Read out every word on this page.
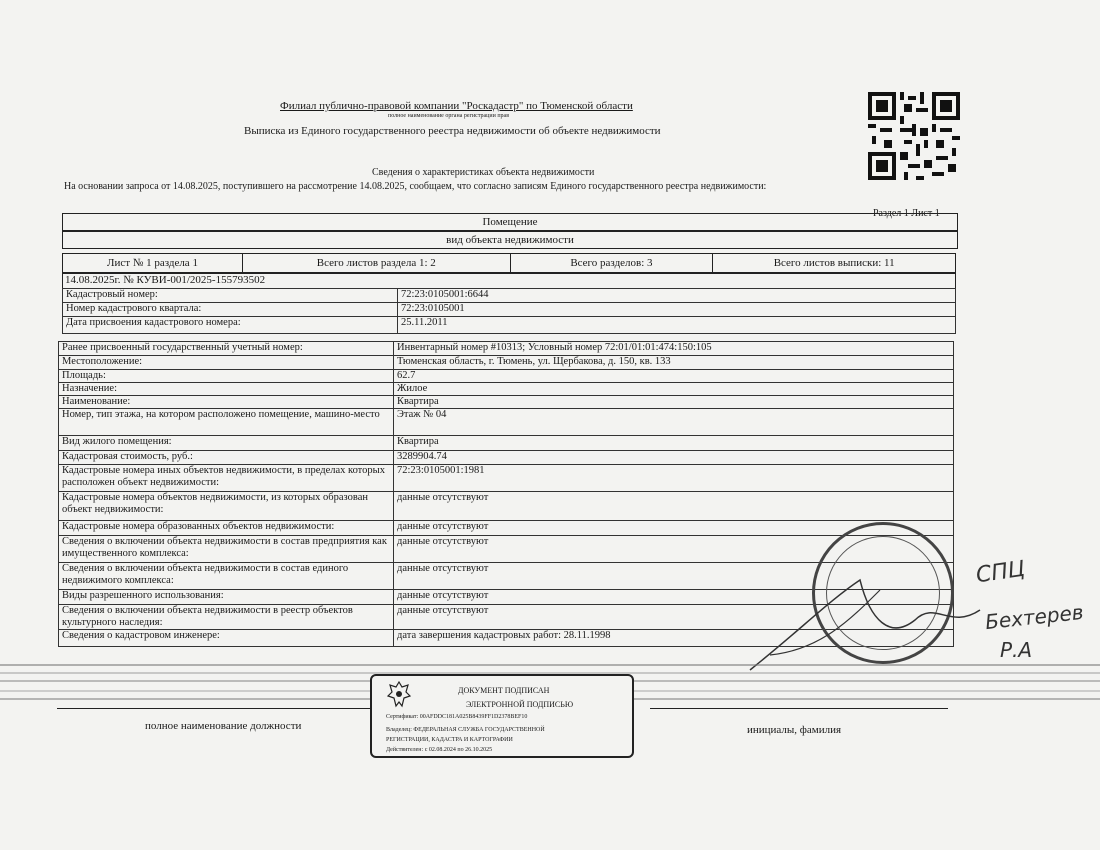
Филиал публично-правовой компании "Роскадастр" по Тюменской области
полное наименование органа регистрации прав
Выписка из Единого государственного реестра недвижимости об объекте недвижимости
Сведения о характеристиках объекта недвижимости
На основании запроса от 14.08.2025, поступившего на рассмотрение 14.08.2025, сообщаем, что согласно записям Единого государственного реестра недвижимости:
Раздел 1 Лист 1
Помещение
вид объекта недвижимости
Лист № 1 раздела 1	Всего листов раздела 1: 2	Всего разделов: 3	Всего листов выписки: 11
14.08.2025г. № КУВИ-001/2025-155793502
Кадастровый номер:	72:23:0105001:6644
Номер кадастрового квартала:	72:23:0105001
Дата присвоения кадастрового номера:	25.11.2011
Ранее присвоенный государственный учетный номер:	Инвентарный номер #10313; Условный номер 72:01/01:01:474:150:105
Местоположение:	Тюменская область, г. Тюмень, ул. Щербакова, д. 150, кв. 133
Площадь:	62.7
Назначение:	Жилое
Наименование:	Квартира
Номер, тип этажа, на котором расположено помещение, машино-место	Этаж № 04
Вид жилого помещения:	Квартира
Кадастровая стоимость, руб.:	3289904.74
Кадастровые номера иных объектов недвижимости, в пределах которых расположен объект недвижимости:	72:23:0105001:1981
Кадастровые номера объектов недвижимости, из которых образован объект недвижимости:	данные отсутствуют
Кадастровые номера образованных объектов недвижимости:	данные отсутствуют
Сведения о включении объекта недвижимости в состав предприятия как имущественного комплекса:	данные отсутствуют
Сведения о включении объекта недвижимости в состав единого недвижимого комплекса:	данные отсутствуют
Виды разрешенного использования:	данные отсутствуют
Сведения о включении объекта недвижимости в реестр объектов культурного наследия:	данные отсутствуют
Сведения о кадастровом инженере:	дата завершения кадастровых работ: 28.11.1998
СПЦ
Бехтерев
Р.А
полное наименование должности	инициалы, фамилия
ДОКУМЕНТ ПОДПИСАН
ЭЛЕКТРОННОЙ ПОДПИСЬЮ
Сертификат: 00AFDDC181A025B8439FF1D2378BEF10
Владелец: ФЕДЕРАЛЬНАЯ СЛУЖБА ГОСУДАРСТВЕННОЙ
РЕГИСТРАЦИИ, КАДАСТРА И КАРТОГРАФИИ
Действителен: с 02.08.2024 по 26.10.2025
